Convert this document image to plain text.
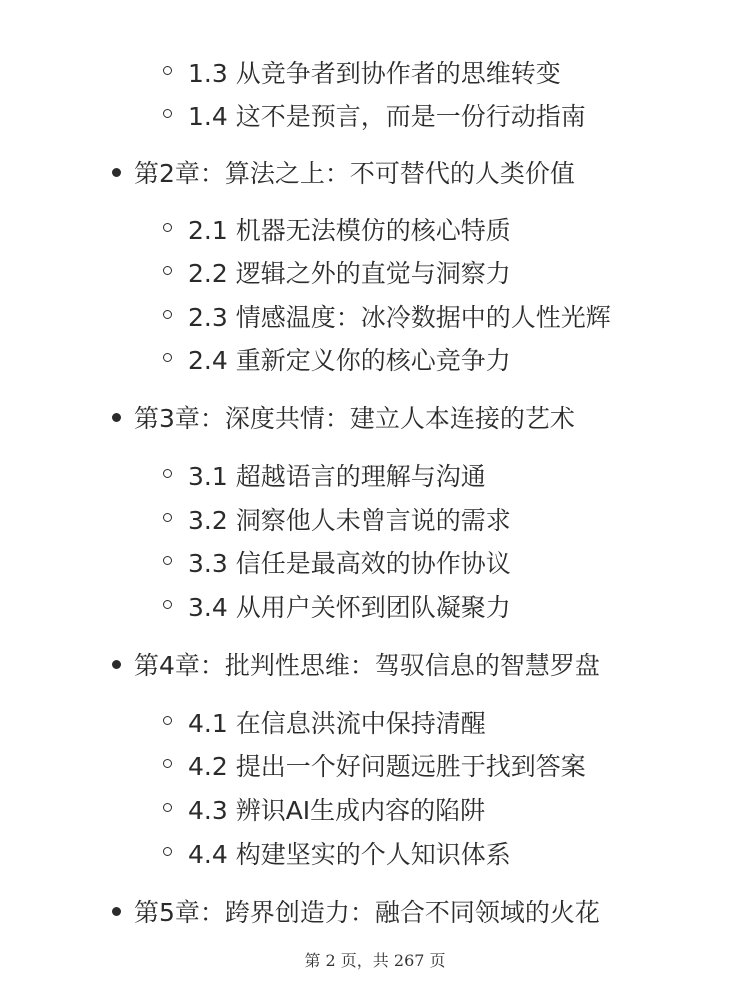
1.3 从竞争者到协作者的思维转变
1.4 这不是预言，而是一份行动指南
第2章：算法之上：不可替代的人类价值
2.1 机器无法模仿的核心特质
2.2 逻辑之外的直觉与洞察力
2.3 情感温度：冰冷数据中的人性光辉
2.4 重新定义你的核心竞争力
第3章：深度共情：建立人本连接的艺术
3.1 超越语言的理解与沟通
3.2 洞察他人未曾言说的需求
3.3 信任是最高效的协作协议
3.4 从用户关怀到团队凝聚力
第4章：批判性思维：驾驭信息的智慧罗盘
4.1 在信息洪流中保持清醒
4.2 提出一个好问题远胜于找到答案
4.3 辨识AI生成内容的陷阱
4.4 构建坚实的个人知识体系
第5章：跨界创造力：融合不同领域的火花
第 2 页，共 267 页
